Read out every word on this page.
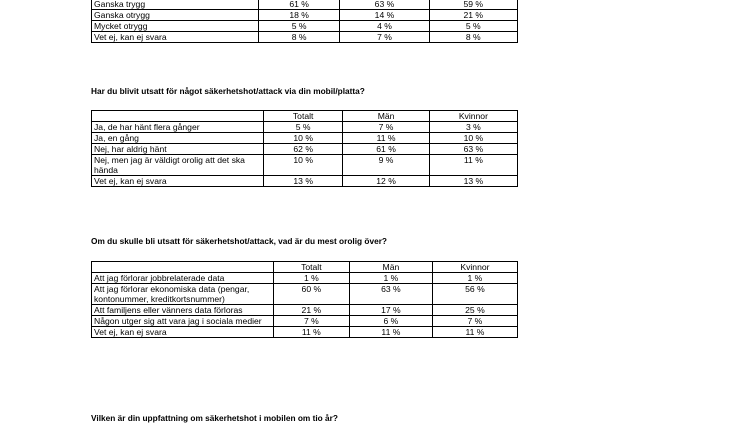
Ganska trygg	61 %	63 %	59 %
Ganska otrygg	18 %	14 %	21 %
Mycket otrygg	5 %	4 %	5 %
Vet ej, kan ej svara	8 %	7 %	8 %
Har du blivit utsatt för något säkerhetshot/attack via din mobil/platta?
	Totalt	Män	Kvinnor
Ja, de har hänt flera gånger	5 %	7 %	3 %
Ja, en gång	10 %	11 %	10 %
Nej, har aldrig hänt	62 %	61 %	63 %
Nej, men jag är väldigt orolig att det ska hända	10 %	9 %	11 %
Vet ej, kan ej svara	13 %	12 %	13 %
Om du skulle bli utsatt för säkerhetshot/attack, vad är du mest orolig över?
	Totalt	Män	Kvinnor
Att jag förlorar jobbrelaterade data	1 %	1 %	1 %
Att jag förlorar ekonomiska data (pengar, kontonummer, kreditkortsnummer)	60 %	63 %	56 %
Att familjens eller vänners data förloras	21 %	17 %	25 %
Någon utger sig att vara jag i sociala medier	7 %	6 %	7 %
Vet ej, kan ej svara	11 %	11 %	11 %
Vilken är din uppfattning om säkerhetshot i mobilen om tio år?
